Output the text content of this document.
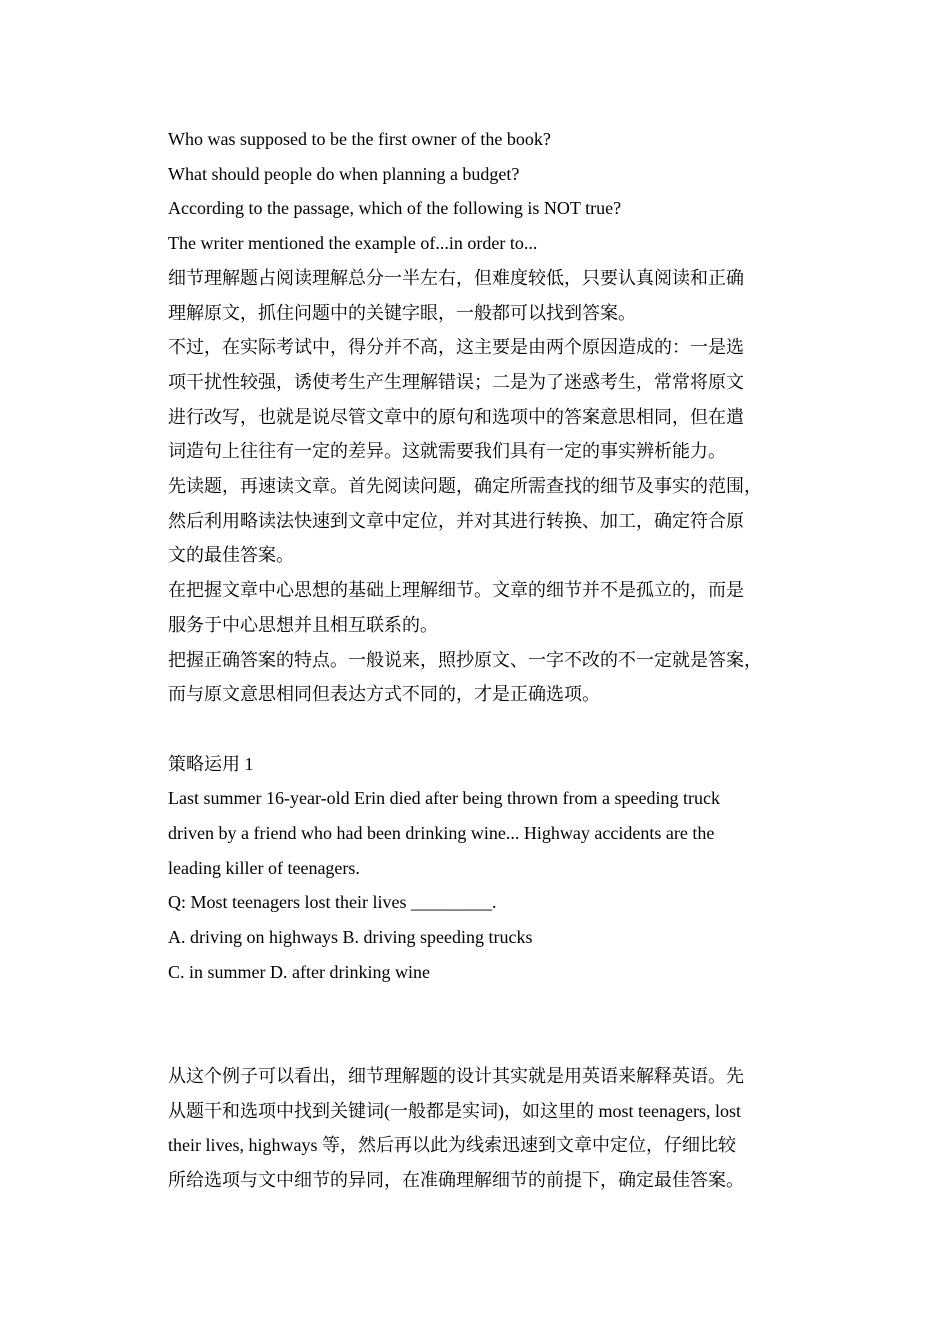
Who was supposed to be the first owner of the book?
What should people do when planning a budget?
According to the passage, which of the following is NOT true?
The writer mentioned the example of...in order to...
细节理解题占阅读理解总分一半左右，但难度较低，只要认真阅读和正确
理解原文，抓住问题中的关键字眼，一般都可以找到答案。
不过，在实际考试中，得分并不高，这主要是由两个原因造成的：一是选
项干扰性较强，诱使考生产生理解错误；二是为了迷惑考生，常常将原文
进行改写，也就是说尽管文章中的原句和选项中的答案意思相同，但在遣
词造句上往往有一定的差异。这就需要我们具有一定的事实辨析能力。
先读题，再速读文章。首先阅读问题，确定所需查找的细节及事实的范围，
然后利用略读法快速到文章中定位，并对其进行转换、加工，确定符合原
文的最佳答案。
在把握文章中心思想的基础上理解细节。文章的细节并不是孤立的，而是
服务于中心思想并且相互联系的。
把握正确答案的特点。一般说来，照抄原文、一字不改的不一定就是答案，
而与原文意思相同但表达方式不同的，才是正确选项。
策略运用 1
Last summer 16-year-old Erin died after being thrown from a speeding truck
driven by a friend who had been drinking wine... Highway accidents are the
leading killer of teenagers.
Q: Most teenagers lost their lives _________.
A. driving on highways B. driving speeding trucks
C. in summer D. after drinking wine
从这个例子可以看出，细节理解题的设计其实就是用英语来解释英语。先
从题干和选项中找到关键词(一般都是实词)，如这里的 most teenagers, lost
their lives, highways 等，然后再以此为线索迅速到文章中定位，仔细比较
所给选项与文中细节的异同，在准确理解细节的前提下，确定最佳答案。
